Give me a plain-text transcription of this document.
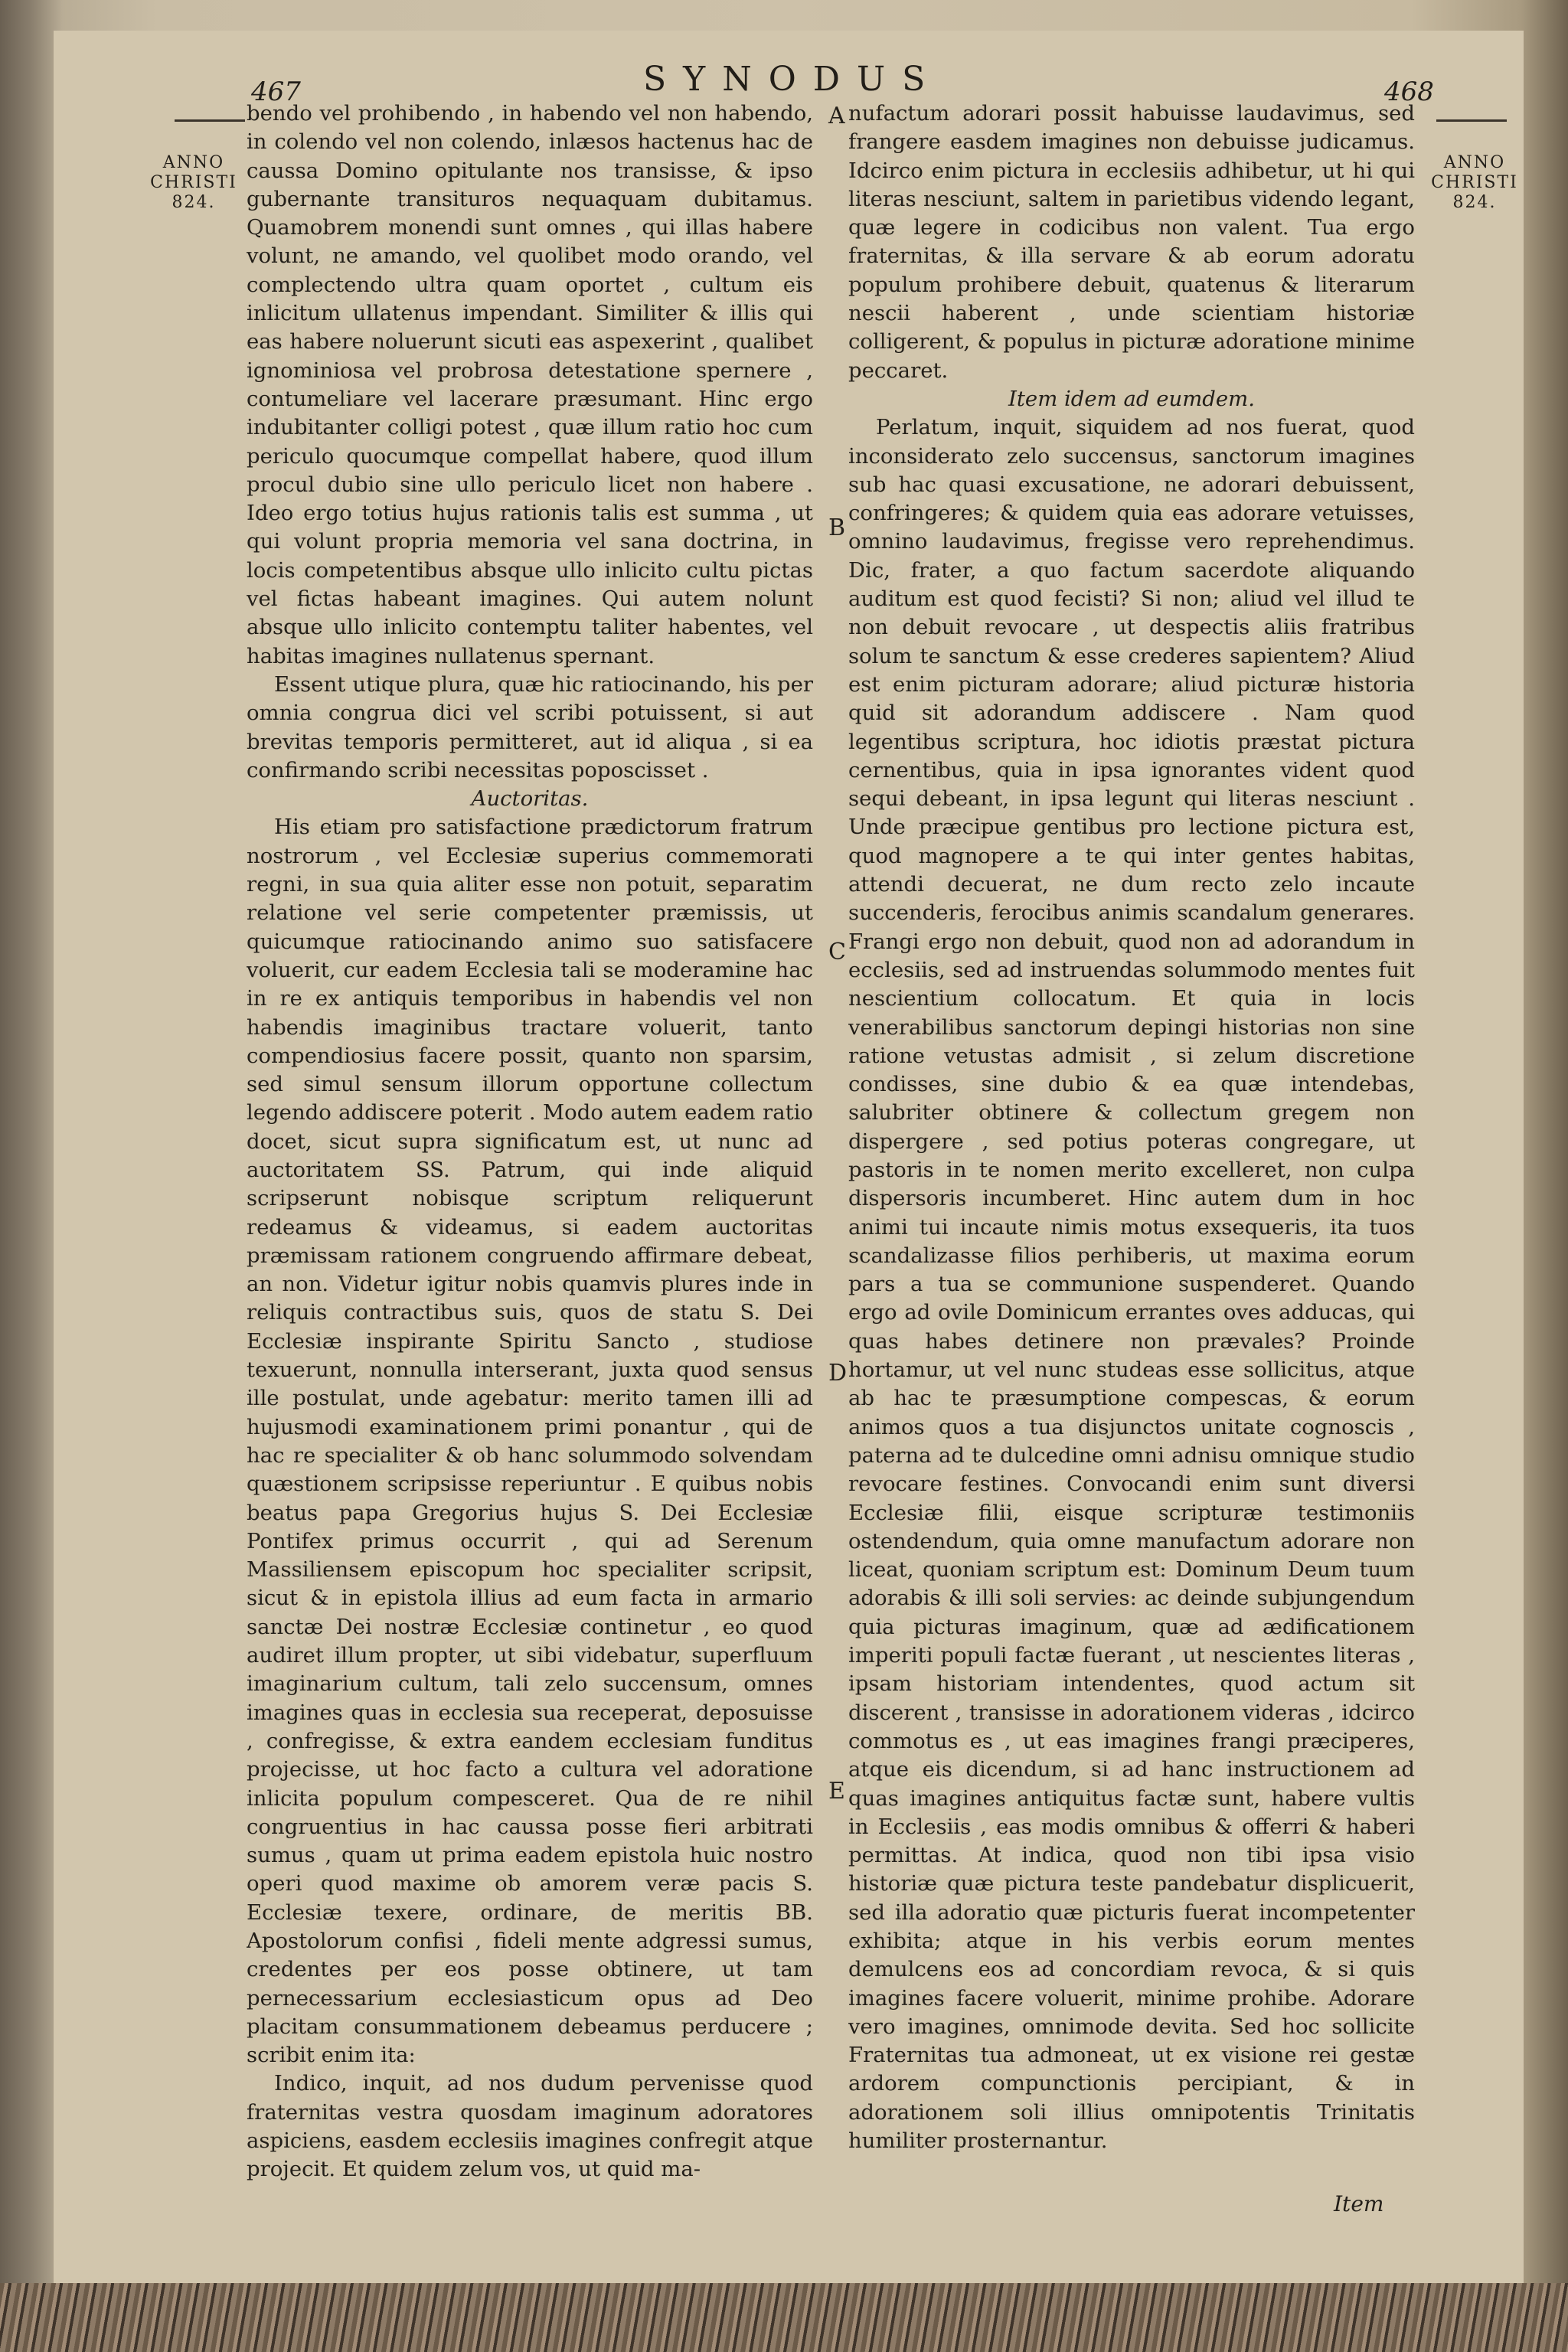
SYNODUS
467	468
ANNO CHRISTI 824.
ANNO CHRISTI 824.
A
B
C
D
E

bendo vel prohibendo , in habendo vel non habendo, in colendo vel non colendo, inlæsos hactenus hac de caussa Domino opitulante nos transisse, & ipso gubernante transituros nequaquam dubitamus. Quamobrem monendi sunt omnes , qui illas habere volunt, ne amando, vel quolibet modo orando, vel complectendo ultra quam oportet , cultum eis inlicitum ullatenus impendant. Similiter & illis qui eas habere noluerunt sicuti eas aspexerint , qualibet ignominiosa vel probrosa detestatione spernere , contumeliare vel lacerare præsumant. Hinc ergo indubitanter colligi potest , quæ illum ratio hoc cum periculo quocumque compellat habere, quod illum procul dubio sine ullo periculo licet non habere . Ideo ergo totius hujus rationis talis est summa , ut qui volunt propria memoria vel sana doctrina, in locis competentibus absque ullo inlicito cultu pictas vel fictas habeant imagines. Qui autem nolunt absque ullo inlicito contemptu taliter habentes, vel habitas imagines nullatenus spernant.

Essent utique plura, quæ hic ratiocinando, his per omnia congrua dici vel scribi potuissent, si aut brevitas temporis permitteret, aut id aliqua , si ea confirmando scribi necessitas poposcisset .

Auctoritas.

His etiam pro satisfactione prædictorum fratrum nostrorum , vel Ecclesiæ superius commemorati regni, in sua quia aliter esse non potuit, separatim relatione vel serie competenter præmissis, ut quicumque ratiocinando animo suo satisfacere voluerit, cur eadem Ecclesia tali se moderamine hac in re ex antiquis temporibus in habendis vel non habendis imaginibus tractare voluerit, tanto compendiosius facere possit, quanto non sparsim, sed simul sensum illorum opportune collectum legendo addiscere poterit . Modo autem eadem ratio docet, sicut supra significatum est, ut nunc ad auctoritatem SS. Patrum, qui inde aliquid scripserunt nobisque scriptum reliquerunt redeamus & videamus, si eadem auctoritas præmissam rationem congruendo affirmare debeat, an non. Videtur igitur nobis quamvis plures inde in reliquis contractibus suis, quos de statu S. Dei Ecclesiæ inspirante Spiritu Sancto , studiose texuerunt, nonnulla interserant, juxta quod sensus ille postulat, unde agebatur: merito tamen illi ad hujusmodi examinationem primi ponantur , qui de hac re specialiter & ob hanc solummodo solvendam quæstionem scripsisse reperiuntur . E quibus nobis beatus papa Gregorius hujus S. Dei Ecclesiæ Pontifex primus occurrit , qui ad Serenum Massiliensem episcopum hoc specialiter scripsit, sicut & in epistola illius ad eum facta in armario sanctæ Dei nostræ Ecclesiæ continetur , eo quod audiret illum propter, ut sibi videbatur, superfluum imaginarium cultum, tali zelo succensum, omnes imagines quas in ecclesia sua receperat, deposuisse , confregisse, & extra eandem ecclesiam funditus projecisse, ut hoc facto a cultura vel adoratione inlicita populum compesceret. Qua de re nihil congruentius in hac caussa posse fieri arbitrati sumus , quam ut prima eadem epistola huic nostro operi quod maxime ob amorem veræ pacis S. Ecclesiæ texere, ordinare, de meritis BB. Apostolorum confisi , fideli mente adgressi sumus, credentes per eos posse obtinere, ut tam pernecessarium ecclesiasticum opus ad Deo placitam consummationem debeamus perducere ; scribit enim ita:

Indico, inquit, ad nos dudum pervenisse quod fraternitas vestra quosdam imaginum adoratores aspiciens, easdem ecclesiis imagines confregit atque projecit. Et quidem zelum vos, ut quid ma-

nufactum adorari possit habuisse laudavimus, sed frangere easdem imagines non debuisse judicamus. Idcirco enim pictura in ecclesiis adhibetur, ut hi qui literas nesciunt, saltem in parietibus videndo legant, quæ legere in codicibus non valent. Tua ergo fraternitas, & illa servare & ab eorum adoratu populum prohibere debuit, quatenus & literarum nescii haberent , unde scientiam historiæ colligerent, & populus in picturæ adoratione minime peccaret.

Item idem ad eumdem.

Perlatum, inquit, siquidem ad nos fuerat, quod inconsiderato zelo succensus, sanctorum imagines sub hac quasi excusatione, ne adorari debuissent, confringeres; & quidem quia eas adorare vetuisses, omnino laudavimus, fregisse vero reprehendimus. Dic, frater, a quo factum sacerdote aliquando auditum est quod fecisti? Si non; aliud vel illud te non debuit revocare , ut despectis aliis fratribus solum te sanctum & esse crederes sapientem? Aliud est enim picturam adorare; aliud picturæ historia quid sit adorandum addiscere . Nam quod legentibus scriptura, hoc idiotis præstat pictura cernentibus, quia in ipsa ignorantes vident quod sequi debeant, in ipsa legunt qui literas nesciunt . Unde præcipue gentibus pro lectione pictura est, quod magnopere a te qui inter gentes habitas, attendi decuerat, ne dum recto zelo incaute succenderis, ferocibus animis scandalum generares. Frangi ergo non debuit, quod non ad adorandum in ecclesiis, sed ad instruendas solummodo mentes fuit nescientium collocatum. Et quia in locis venerabilibus sanctorum depingi historias non sine ratione vetustas admisit , si zelum discretione condisses, sine dubio & ea quæ intendebas, salubriter obtinere & collectum gregem non dispergere , sed potius poteras congregare, ut pastoris in te nomen merito excelleret, non culpa dispersoris incumberet. Hinc autem dum in hoc animi tui incaute nimis motus exsequeris, ita tuos scandalizasse filios perhiberis, ut maxima eorum pars a tua se communione suspenderet. Quando ergo ad ovile Dominicum errantes oves adducas, qui quas habes detinere non prævales? Proinde hortamur, ut vel nunc studeas esse sollicitus, atque ab hac te præsumptione compescas, & eorum animos quos a tua disjunctos unitate cognoscis , paterna ad te dulcedine omni adnisu omnique studio revocare festines. Convocandi enim sunt diversi Ecclesiæ filii, eisque scripturæ testimoniis ostendendum, quia omne manufactum adorare non liceat, quoniam scriptum est: Dominum Deum tuum adorabis & illi soli servies: ac deinde subjungendum quia picturas imaginum, quæ ad ædificationem imperiti populi factæ fuerant , ut nescientes literas , ipsam historiam intendentes, quod actum sit discerent , transisse in adorationem videras , idcirco commotus es , ut eas imagines frangi præciperes, atque eis dicendum, si ad hanc instructionem ad quas imagines antiquitus factæ sunt, habere vultis in Ecclesiis , eas modis omnibus & offerri & haberi permittas. At indica, quod non tibi ipsa visio historiæ quæ pictura teste pandebatur displicuerit, sed illa adoratio quæ picturis fuerat incompetenter exhibita; atque in his verbis eorum mentes demulcens eos ad concordiam revoca, & si quis imagines facere voluerit, minime prohibe. Adorare vero imagines, omnimode devita. Sed hoc sollicite Fraternitas tua admoneat, ut ex visione rei gestæ ardorem compunctionis percipiant, & in adorationem soli illius omnipotentis Trinitatis humiliter prosternantur.

Item
